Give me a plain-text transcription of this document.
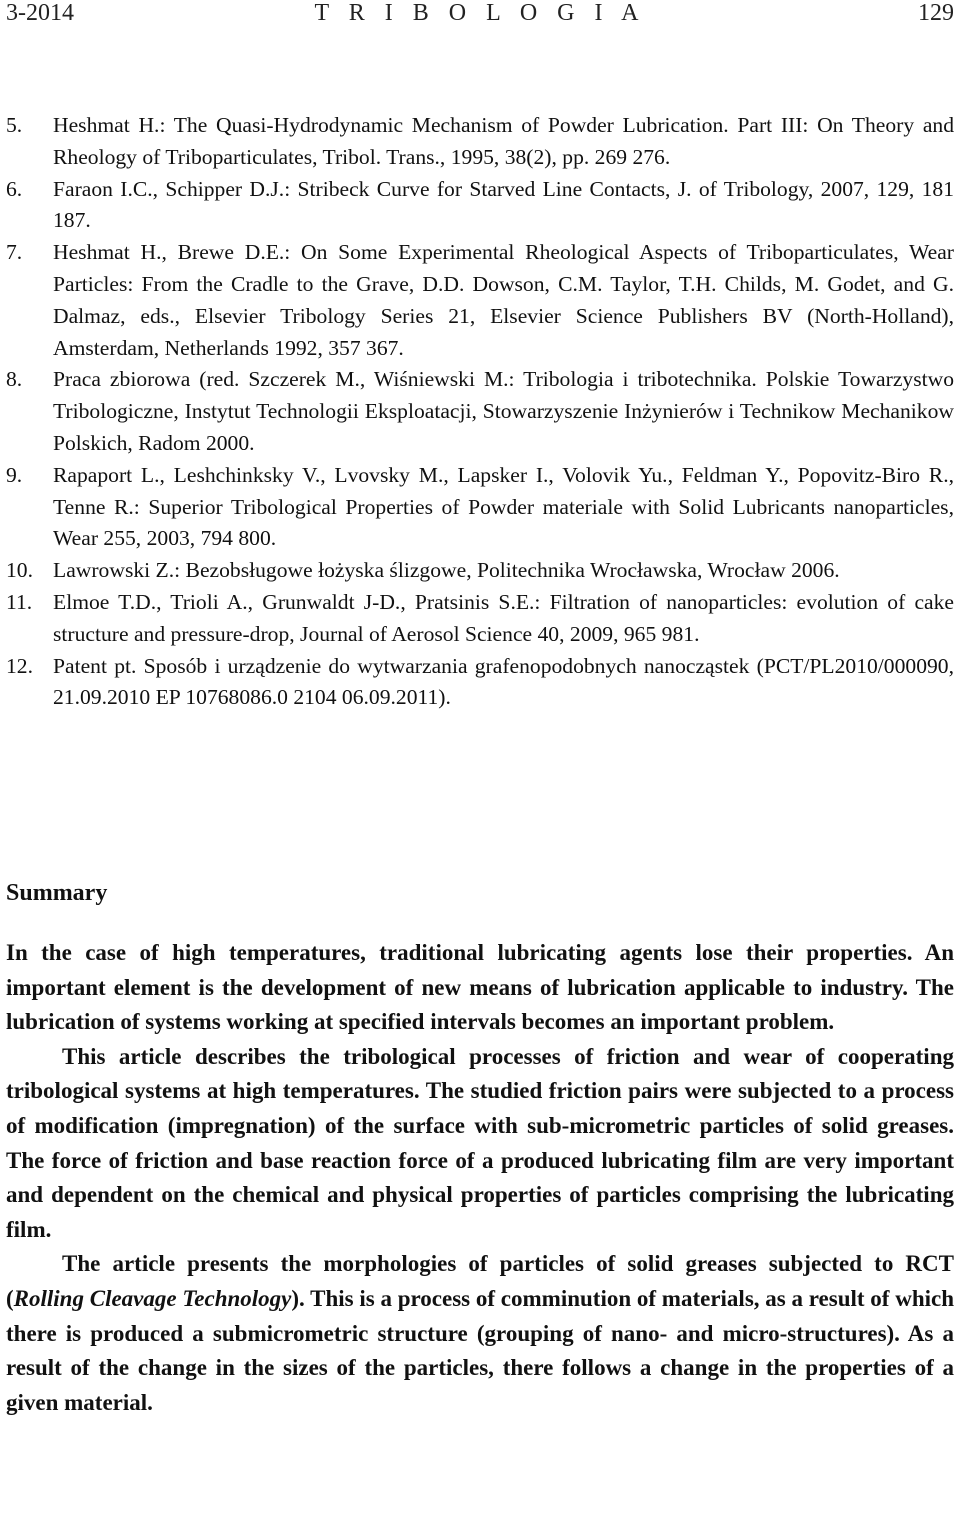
3-2014	T R I B O L O G I A	129
5. Heshmat H.: The Quasi-Hydrodynamic Mechanism of Powder Lubrication. Part III: On Theory and Rheology of Triboparticulates, Tribol. Trans., 1995, 38(2), pp. 269 276.
6. Faraon I.C., Schipper D.J.: Stribeck Curve for Starved Line Contacts, J. of Tribology, 2007, 129, 181 187.
7. Heshmat H., Brewe D.E.: On Some Experimental Rheological Aspects of Triboparticulates, Wear Particles: From the Cradle to the Grave, D.D. Dowson, C.M. Taylor, T.H. Childs, M. Godet, and G. Dalmaz, eds., Elsevier Tribology Series 21, Elsevier Science Publishers BV (North-Holland), Amsterdam, Netherlands 1992, 357 367.
8. Praca zbiorowa (red. Szczerek M., Wiśniewski M.: Tribologia i tribotechnika. Polskie Towarzystwo Tribologiczne, Instytut Technologii Eksploatacji, Stowarzyszenie Inżynierów i Technikow Mechanikow Polskich, Radom 2000.
9. Rapaport L., Leshchinksky V., Lvovsky M., Lapsker I., Volovik Yu., Feldman Y., Popovitz-Biro R., Tenne R.: Superior Tribological Properties of Powder materiale with Solid Lubricants nanoparticles, Wear 255, 2003, 794 800.
10. Lawrowski Z.: Bezobsługowe łożyska ślizgowe, Politechnika Wrocławska, Wrocław 2006.
11. Elmoe T.D., Trioli A., Grunwaldt J-D., Pratsinis S.E.: Filtration of nanoparticles: evolution of cake structure and pressure-drop, Journal of Aerosol Science 40, 2009, 965 981.
12. Patent pt. Sposób i urządzenie do wytwarzania grafenopodobnych nanocząstek (PCT/PL2010/000090, 21.09.2010 EP 10768086.0 2104 06.09.2011).
Summary

In the case of high temperatures, traditional lubricating agents lose their properties. An important element is the development of new means of lubrication applicable to industry. The lubrication of systems working at specified intervals becomes an important problem.

This article describes the tribological processes of friction and wear of cooperating tribological systems at high temperatures. The studied friction pairs were subjected to a process of modification (impregnation) of the surface with sub-micrometric particles of solid greases. The force of friction and base reaction force of a produced lubricating film are very important and dependent on the chemical and physical properties of particles comprising the lubricating film.

The article presents the morphologies of particles of solid greases subjected to RCT (Rolling Cleavage Technology). This is a process of comminution of materials, as a result of which there is produced a submicrometric structure (grouping of nano- and micro-structures). As a result of the change in the sizes of the particles, there follows a change in the properties of a given material.
